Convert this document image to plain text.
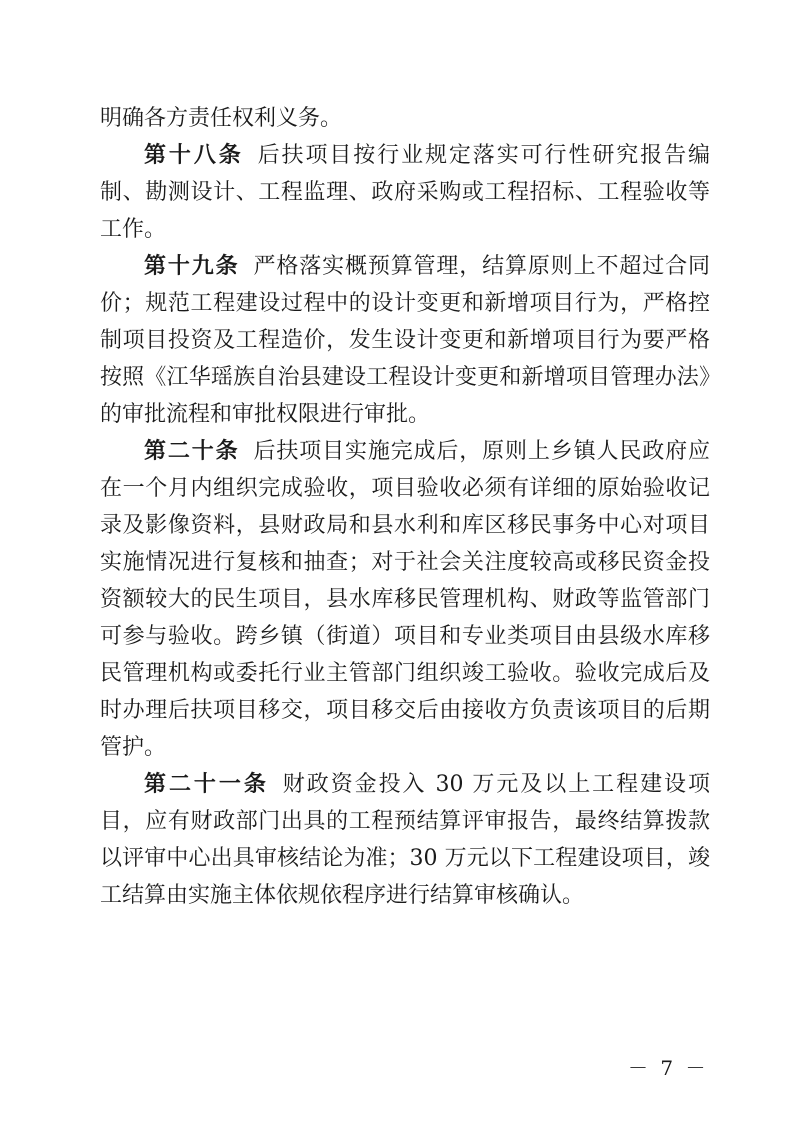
明确各方责任权利义务。

第十八条 后扶项目按行业规定落实可行性研究报告编制、勘测设计、工程监理、政府采购或工程招标、工程验收等工作。

第十九条 严格落实概预算管理，结算原则上不超过合同价；规范工程建设过程中的设计变更和新增项目行为，严格控制项目投资及工程造价，发生设计变更和新增项目行为要严格按照《江华瑶族自治县建设工程设计变更和新增项目管理办法》的审批流程和审批权限进行审批。

第二十条 后扶项目实施完成后，原则上乡镇人民政府应在一个月内组织完成验收，项目验收必须有详细的原始验收记录及影像资料，县财政局和县水利和库区移民事务中心对项目实施情况进行复核和抽查；对于社会关注度较高或移民资金投资额较大的民生项目，县水库移民管理机构、财政等监管部门可参与验收。跨乡镇（街道）项目和专业类项目由县级水库移民管理机构或委托行业主管部门组织竣工验收。验收完成后及时办理后扶项目移交，项目移交后由接收方负责该项目的后期管护。

第二十一条 财政资金投入 30 万元及以上工程建设项目，应有财政部门出具的工程预结算评审报告，最终结算拨款以评审中心出具审核结论为准；30 万元以下工程建设项目，竣工结算由实施主体依规依程序进行结算审核确认。

－ 7 －
